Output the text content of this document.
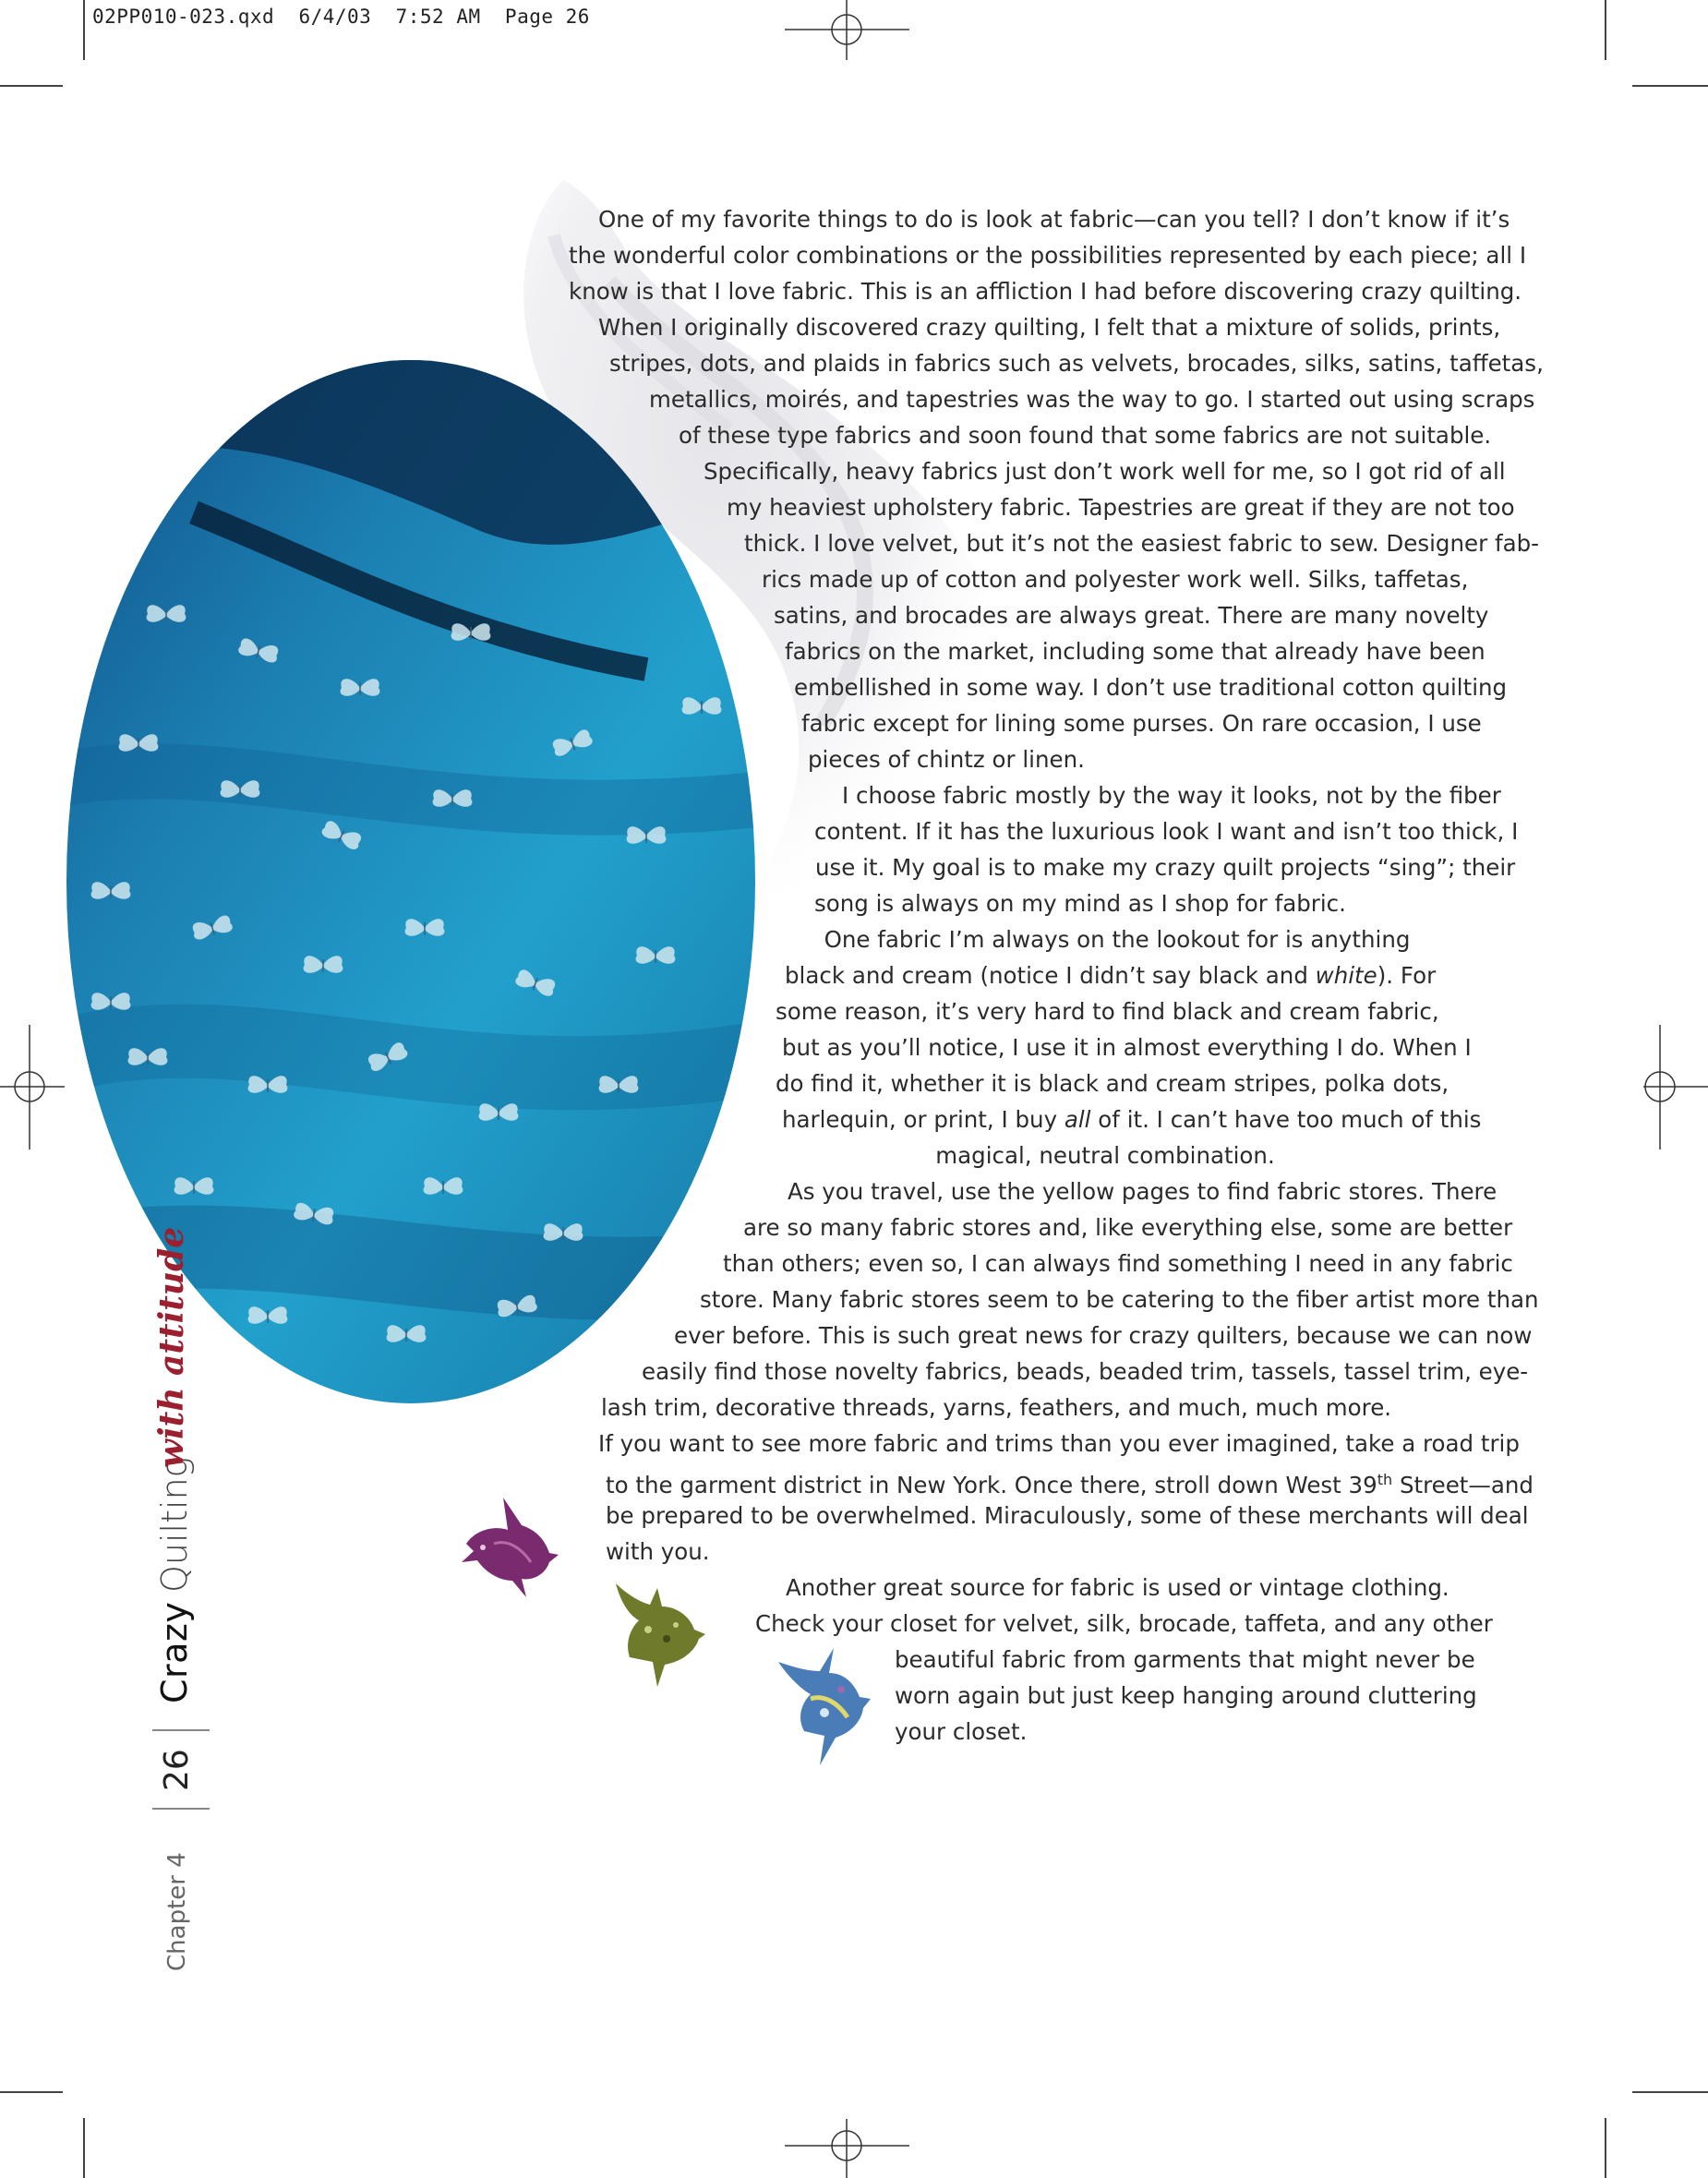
02PP010-023.qxd 6/4/03 7:52 AM Page 26
One of my favorite things to do is look at fabric—can you tell? I don’t know if it’s
the wonderful color combinations or the possibilities represented by each piece; all I
know is that I love fabric. This is an affliction I had before discovering crazy quilting.
When I originally discovered crazy quilting, I felt that a mixture of solids, prints,
stripes, dots, and plaids in fabrics such as velvets, brocades, silks, satins, taffetas,
metallics, moirés, and tapestries was the way to go. I started out using scraps
of these type fabrics and soon found that some fabrics are not suitable.
Specifically, heavy fabrics just don’t work well for me, so I got rid of all
my heaviest upholstery fabric. Tapestries are great if they are not too
thick. I love velvet, but it’s not the easiest fabric to sew. Designer fab-
rics made up of cotton and polyester work well. Silks, taffetas,
satins, and brocades are always great. There are many novelty
fabrics on the market, including some that already have been
embellished in some way. I don’t use traditional cotton quilting
fabric except for lining some purses. On rare occasion, I use
pieces of chintz or linen.
I choose fabric mostly by the way it looks, not by the fiber
content. If it has the luxurious look I want and isn’t too thick, I
use it. My goal is to make my crazy quilt projects “sing”; their
song is always on my mind as I shop for fabric.
One fabric I’m always on the lookout for is anything
black and cream (notice I didn’t say black and white). For
some reason, it’s very hard to find black and cream fabric,
but as you’ll notice, I use it in almost everything I do. When I
do find it, whether it is black and cream stripes, polka dots,
harlequin, or print, I buy all of it. I can’t have too much of this
magical, neutral combination.
As you travel, use the yellow pages to find fabric stores. There
are so many fabric stores and, like everything else, some are better
than others; even so, I can always find something I need in any fabric
store. Many fabric stores seem to be catering to the fiber artist more than
ever before. This is such great news for crazy quilters, because we can now
easily find those novelty fabrics, beads, beaded trim, tassels, tassel trim, eye-
lash trim, decorative threads, yarns, feathers, and much, much more.
If you want to see more fabric and trims than you ever imagined, take a road trip
to the garment district in New York. Once there, stroll down West 39th Street—and
be prepared to be overwhelmed. Miraculously, some of these merchants will deal
with you.
Another great source for fabric is used or vintage clothing.
Check your closet for velvet, silk, brocade, taffeta, and any other
beautiful fabric from garments that might never be
worn again but just keep hanging around cluttering
your closet.
Chapter 4
26
Crazy
Quilting
with attitude
